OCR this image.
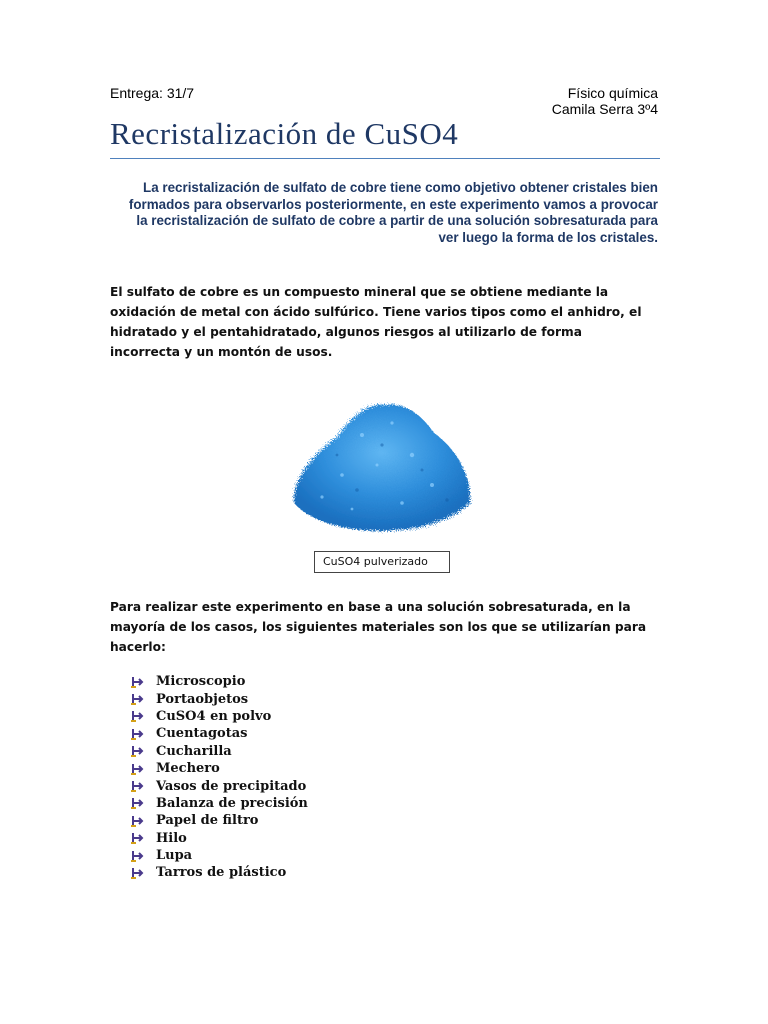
Entrega: 31/7	Físico química
Camila Serra 3º4
Recristalización de CuSO4
La recristalización de sulfato de cobre tiene como objetivo obtener cristales bien formados para observarlos posteriormente, en este experimento vamos a provocar la recristalización de sulfato de cobre a partir de una solución sobresaturada para ver luego la forma de los cristales.
El sulfato de cobre es un compuesto mineral que se obtiene mediante la oxidación de metal con ácido sulfúrico. Tiene varios tipos como el anhidro, el hidratado y el pentahidratado, algunos riesgos al utilizarlo de forma incorrecta y un montón de usos.
CuSO4 pulverizado
Para realizar este experimento en base a una solución sobresaturada, en la mayoría de los casos, los siguientes materiales son los que se utilizarían para hacerlo:
Microscopio
Portaobjetos
CuSO4 en polvo
Cuentagotas
Cucharilla
Mechero
Vasos de precipitado
Balanza de precisión
Papel de filtro
Hilo
Lupa
Tarros de plástico
